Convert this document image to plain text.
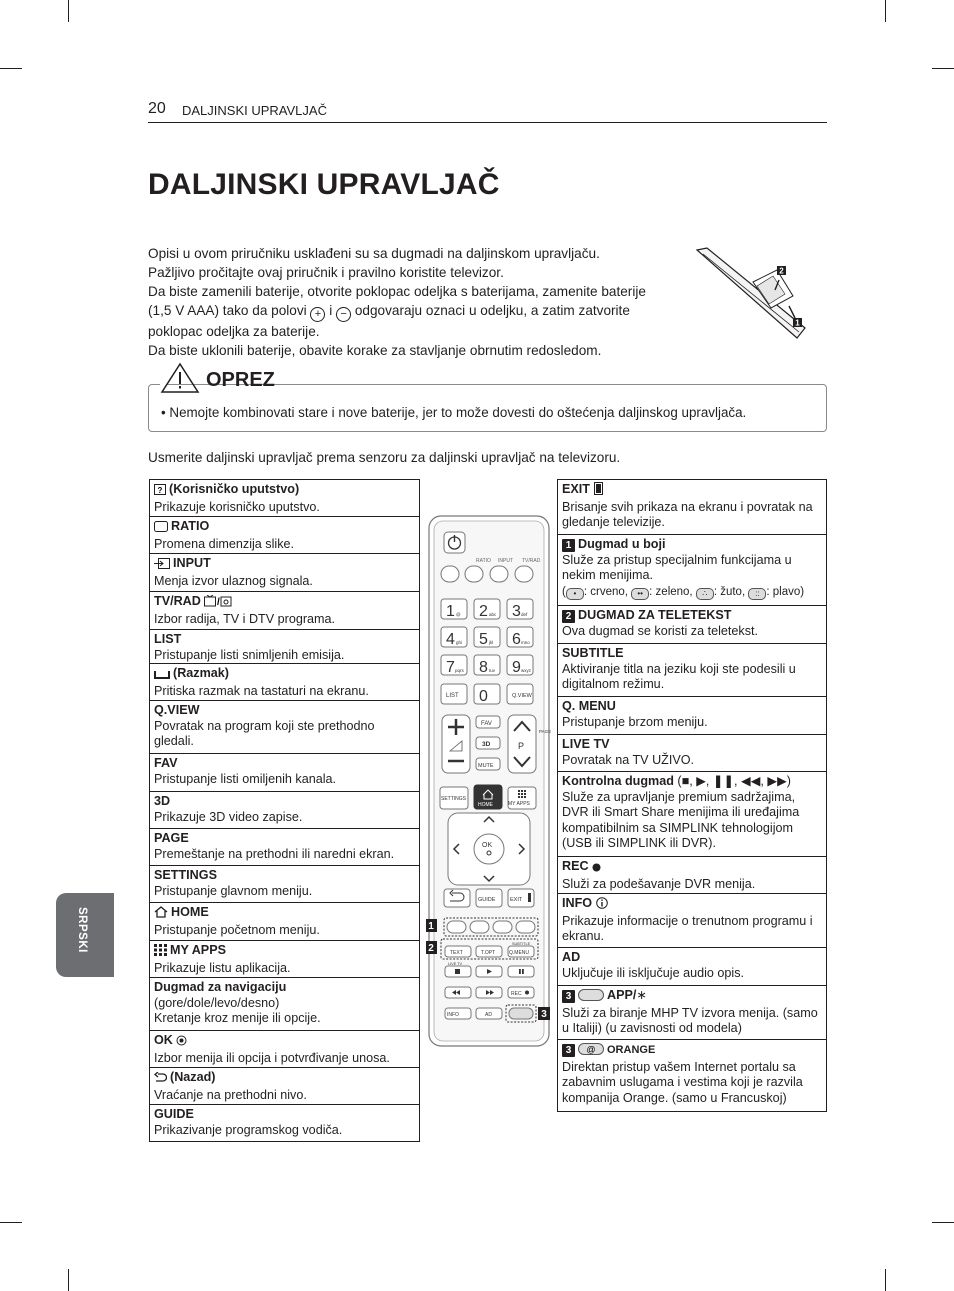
20 DALJINSKI UPRAVLJAČ
DALJINSKI UPRAVLJAČ

Opisi u ovom priručniku usklađeni su sa dugmadi na daljinskom upravljaču.

Pažljivo pročitajte ovaj priručnik i pravilno koristite televizor.

Da biste zamenili baterije, otvorite poklopac odeljka s baterijama, zamenite baterije

(1,5 V AAA) tako da polovi + i − odgovaraju oznaci u odeljku, a zatim zatvorite

poklopac odeljka za baterije.

Da biste uklonili baterije, obavite korake za stavljanje obrnutim redosledom.

2
1
• Nemojte kombinovati stare i nove baterije, jer to može dovesti do oštećenja daljinskog upravljača.
OPREZ
Usmerite daljinski upravljač prema senzoru za daljinski upravljač na televizoru.
? (Korisničko uputstvo)
Prikazuje korisničko uputstvo.
RATIO
Promena dimenzija slike.
INPUT
Menja izvor ulaznog signala.
TV/RAD /

Izbor radija, TV i DTV programa.
LIST
Pristupanje listi snimljenih emisija.
(Razmak)
Pritiska razmak na tastaturi na ekranu.
Q.VIEW
Povratak na program koji ste prethodno gledali.
FAV
Pristupanje listi omiljenih kanala.
3D
Prikazuje 3D video zapise.
PAGE
Premeštanje na prethodni ili naredni ekran.
SETTINGS
Pristupanje glavnom meniju.
HOME
Pristupanje početnom meniju.
MY APPS
Prikazuje listu aplikacija.
Dugmad za navigaciju (gore/dole/levo/desno)
Kretanje kroz menije ili opcije.
OK
Izbor menija ili opcija i potvrđivanje unosa.
(Nazad)
Vraćanje na prethodni nivo.
GUIDE
Prikazivanje programskog vodiča.
RATIO INPUT TV/RAD
1 2 3
4 5 6
7 8 9
0
@	abc	def
ghi	jkl	mno
pqrs	tuv	wxyz
LIST	Q.VIEW
FAV
3D
MUTE
P
PAGE
SETTINGS
HOME	MY APPS
OK
GUIDE	EXIT
1
SUBTITLE
TEXT	T.OPT	Q.MENU
LIVE TV
2
REC
INFO	AD	3
EXIT
Brisanje svih prikaza na ekranu i povratak na gledanje televizije.
1 Dugmad u boji
Služe za pristup specijalnim funkcijama u nekim menijima.
( • : crveno, •• : zeleno, ∴ : žuto, :: : plavo)
2 DUGMAD ZA TELETEKST
Ova dugmad se koristi za teletekst.
SUBTITLE
Aktiviranje titla na jeziku koji ste podesili u digitalnom režimu.
Q. MENU
Pristupanje brzom meniju.
LIVE TV
Povratak na TV UŽIVO.
Kontrolna dugmad (■, ▶, ❚❚, ◀◀, ▶▶)
Služe za upravljanje premium sadržajima, DVR ili Smart Share menijima ili uređajima kompatibilnim sa SIMPLINK tehnologijom (USB ili SIMPLINK ili DVR).
REC
Služi za podešavanje DVR menija.
INFO
Prikazuje informacije o trenutnom programu i ekranu.
AD
Uključuje ili isključuje audio opis.
3	APP/∗
Služi za biranje MHP TV izvora menija. (samo u Italiji) (u zavisnosti od modela)
3 @ ORANGE
Direktan pristup vašem Internet portalu sa zabavnim uslugama i vestima koji je razvila kompanija Orange. (samo u Francuskoj)
SRPSKI
